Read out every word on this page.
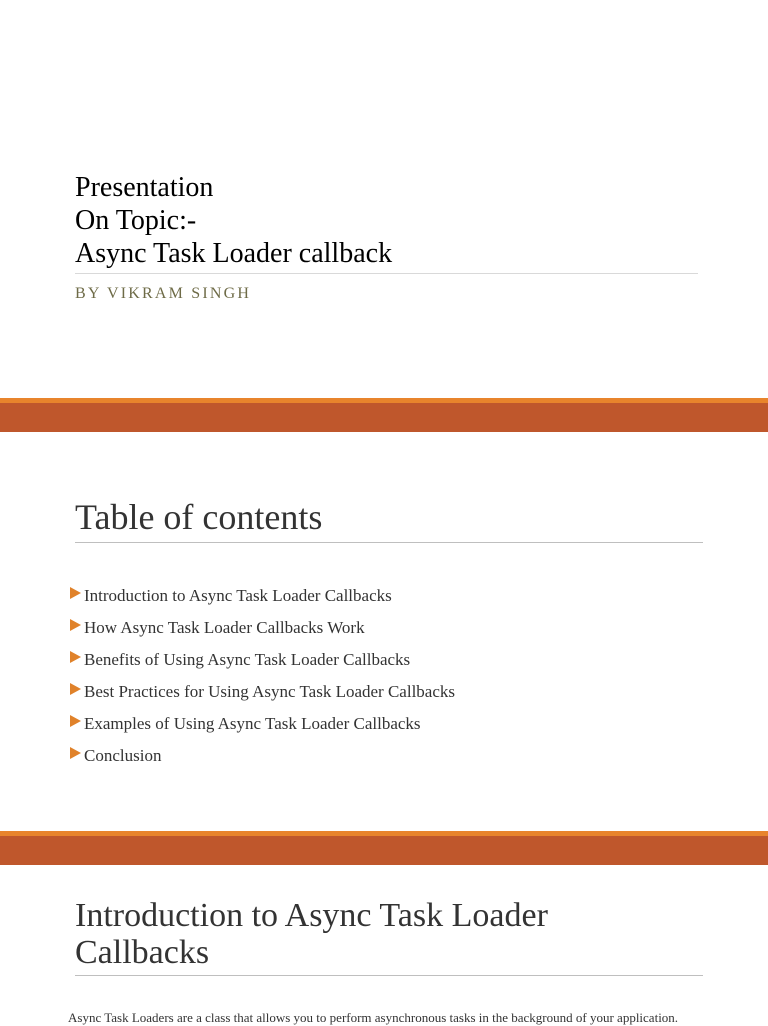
Presentation
On Topic:-
Async Task Loader callback
BY VIKRAM SINGH
Table of contents
Introduction to Async Task Loader Callbacks
How Async Task Loader Callbacks Work
Benefits of Using Async Task Loader Callbacks
Best Practices for Using Async Task Loader Callbacks
Examples of Using Async Task Loader Callbacks
Conclusion
Introduction to Async Task Loader
Callbacks
Async Task Loaders are a class that allows you to perform asynchronous tasks in the background of your application.
